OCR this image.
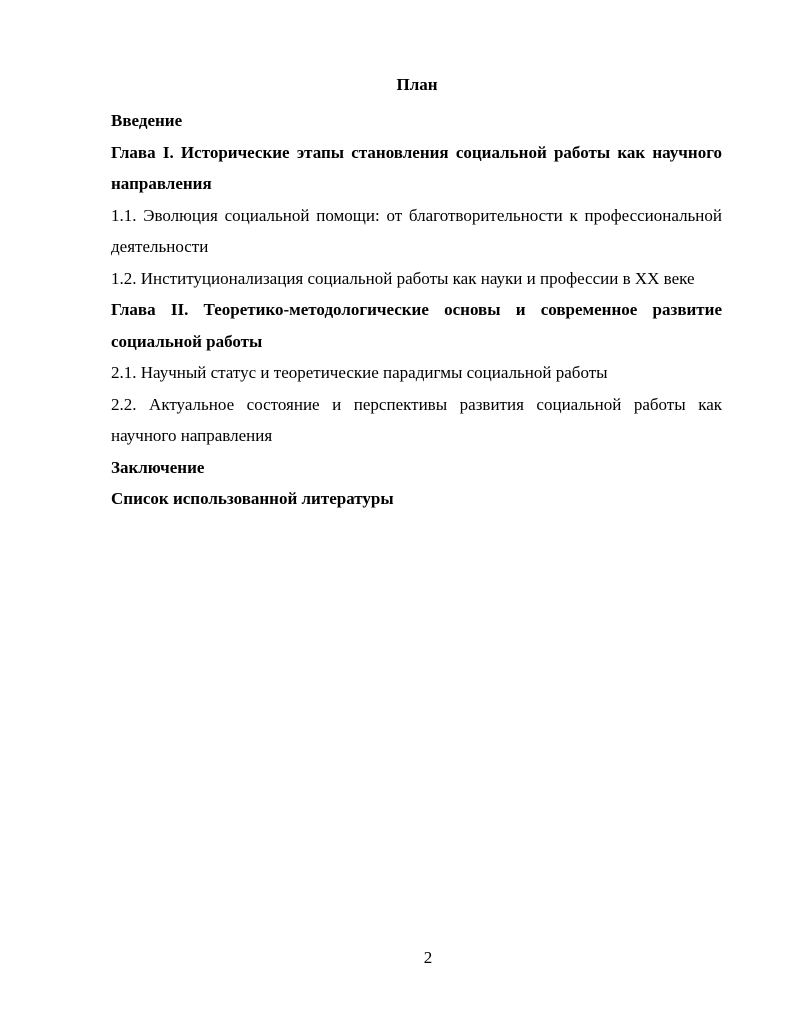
План

Введение

Глава I. Исторические этапы становления социальной работы как научного направления

1.1. Эволюция социальной помощи: от благотворительности к профессиональной деятельности

1.2. Институционализация социальной работы как науки и профессии в XX веке

Глава II. Теоретико-методологические основы и современное развитие социальной работы

2.1. Научный статус и теоретические парадигмы социальной работы

2.2. Актуальное состояние и перспективы развития социальной работы как научного направления

Заключение

Список использованной литературы

2
